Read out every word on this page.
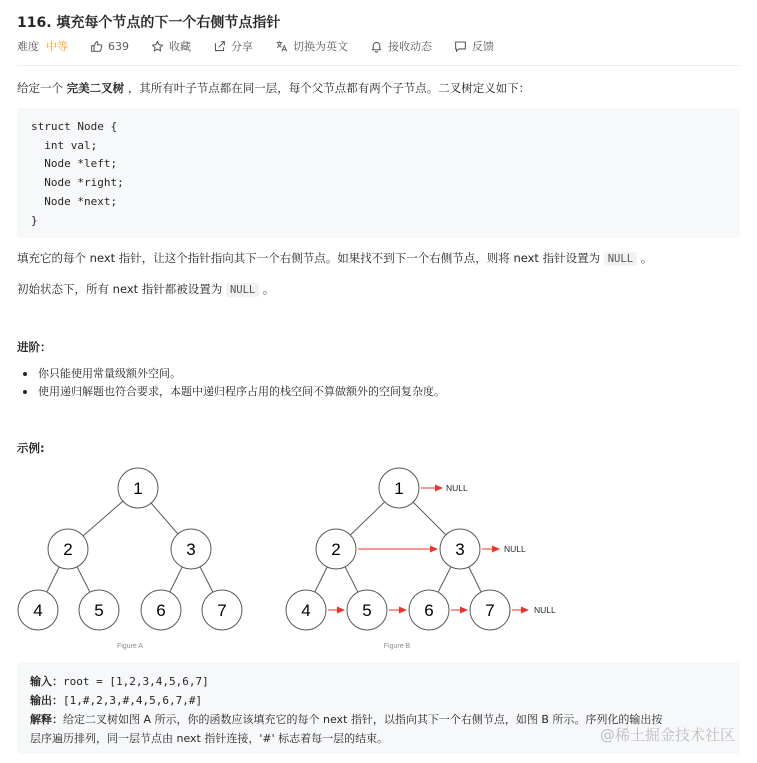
116. 填充每个节点的下一个右侧节点指针
难度 中等	639	收藏	分享	切换为英文	接收动态	反馈
给定一个 完美二叉树 ，其所有叶子节点都在同一层，每个父节点都有两个子节点。二叉树定义如下：
struct Node {
int val;
Node *left;
Node *right;
Node *next;
}
填充它的每个 next 指针，让这个指针指向其下一个右侧节点。如果找不到下一个右侧节点，则将 next 指针设置为 NULL 。
初始状态下，所有 next 指针都被设置为 NULL 。
进阶：
你只能使用常量级额外空间。
使用递归解题也符合要求，本题中递归程序占用的栈空间不算做额外的空间复杂度。
示例:
NULL
NULL
NULL
1
2	3
4	5	6	7
1
2	3
4	5	6	7
Figure A	Figure B
输入：root = [1,2,3,4,5,6,7]
输出：[1,#,2,3,#,4,5,6,7,#]
解释：给定二叉树如图 A 所示，你的函数应该填充它的每个 next 指针，以指向其下一个右侧节点，如图 B 所示。序列化的输出按
层序遍历排列，同一层节点由 next 指针连接，'#' 标志着每一层的结束。	@稀土掘金技术社区
